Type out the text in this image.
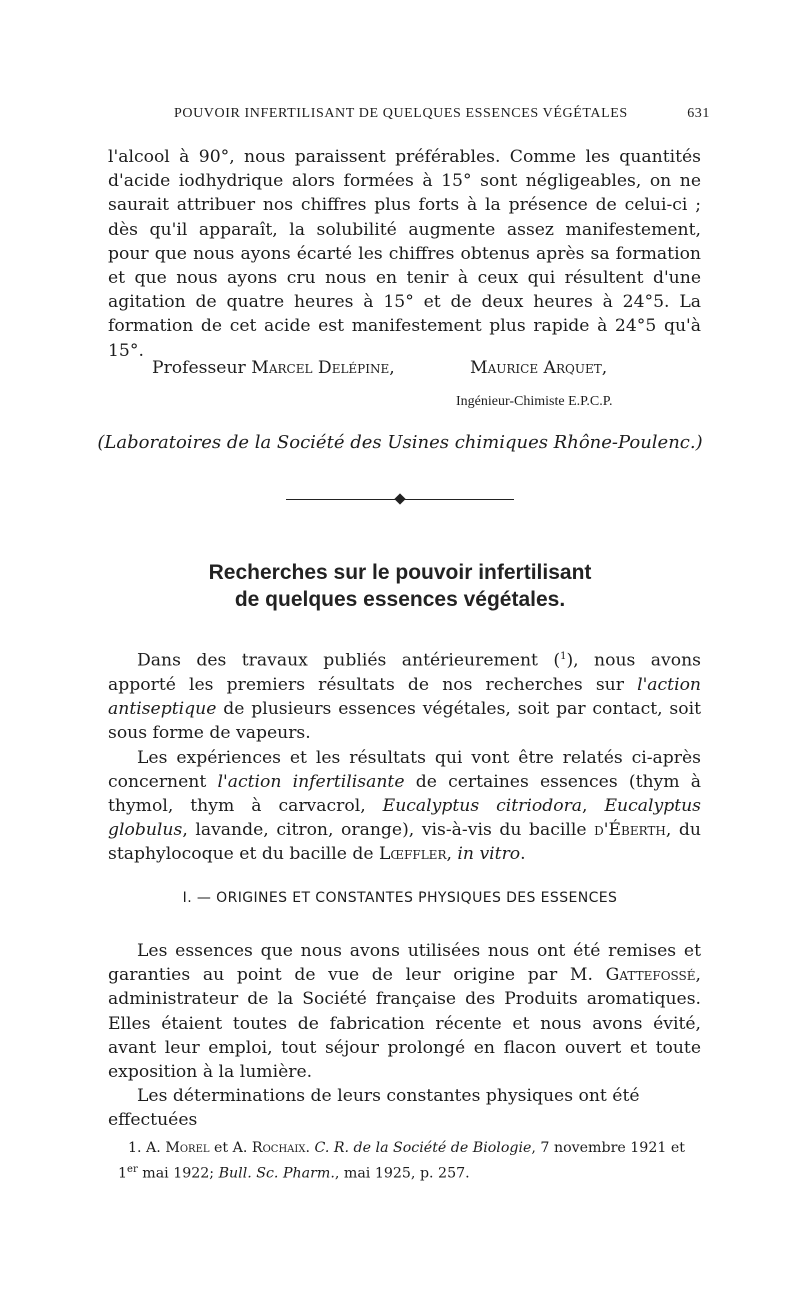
POUVOIR INFERTILISANT DE QUELQUES ESSENCES VÉGÉTALES	631

l'alcool à 90°, nous paraissent préférables. Comme les quantités d'acide iodhydrique alors formées à 15° sont négligeables, on ne saurait attribuer nos chiffres plus forts à la présence de celui-ci ; dès qu'il apparaît, la solubilité augmente assez manifestement, pour que nous ayons écarté les chiffres obtenus après sa formation et que nous ayons cru nous en tenir à ceux qui résultent d'une agitation de quatre heures à 15° et de deux heures à 24°5. La formation de cet acide est manifestement plus rapide à 24°5 qu'à 15°.

Professeur Marcel Delépine,	Maurice Arquet,
Ingénieur-Chimiste E.P.C.P.
(Laboratoires de la Société des Usines chimiques Rhône-Poulenc.)
Recherches sur le pouvoir infertilisant
de quelques essences végétales.

Dans des travaux publiés antérieurement ($^1$), nous avons apporté les premiers résultats de nos recherches sur l'action antiseptique de plusieurs essences végétales, soit par contact, soit sous forme de vapeurs.

Les expériences et les résultats qui vont être relatés ci-après concernent l'action infertilisante de certaines essences (thym à thymol, thym à carvacrol, Eucalyptus citriodora, Eucalyptus globulus, lavande, citron, orange), vis-à-vis du bacille d'Éberth, du staphylocoque et du bacille de Lœffler, in vitro.

I. — ORIGINES ET CONSTANTES PHYSIQUES DES ESSENCES

Les essences que nous avons utilisées nous ont été remises et garanties au point de vue de leur origine par M. Gattefossé, administrateur de la Société française des Produits aromatiques. Elles étaient toutes de fabrication récente et nous avons évité, avant leur emploi, tout séjour prolongé en flacon ouvert et toute exposition à la lumière.

Les déterminations de leurs constantes physiques ont été effectuées

1. A. Morel et A. Rochaix. C. R. de la Société de Biologie, 7 novembre 1921 et 1er mai 1922; Bull. Sc. Pharm., mai 1925, p. 257.
